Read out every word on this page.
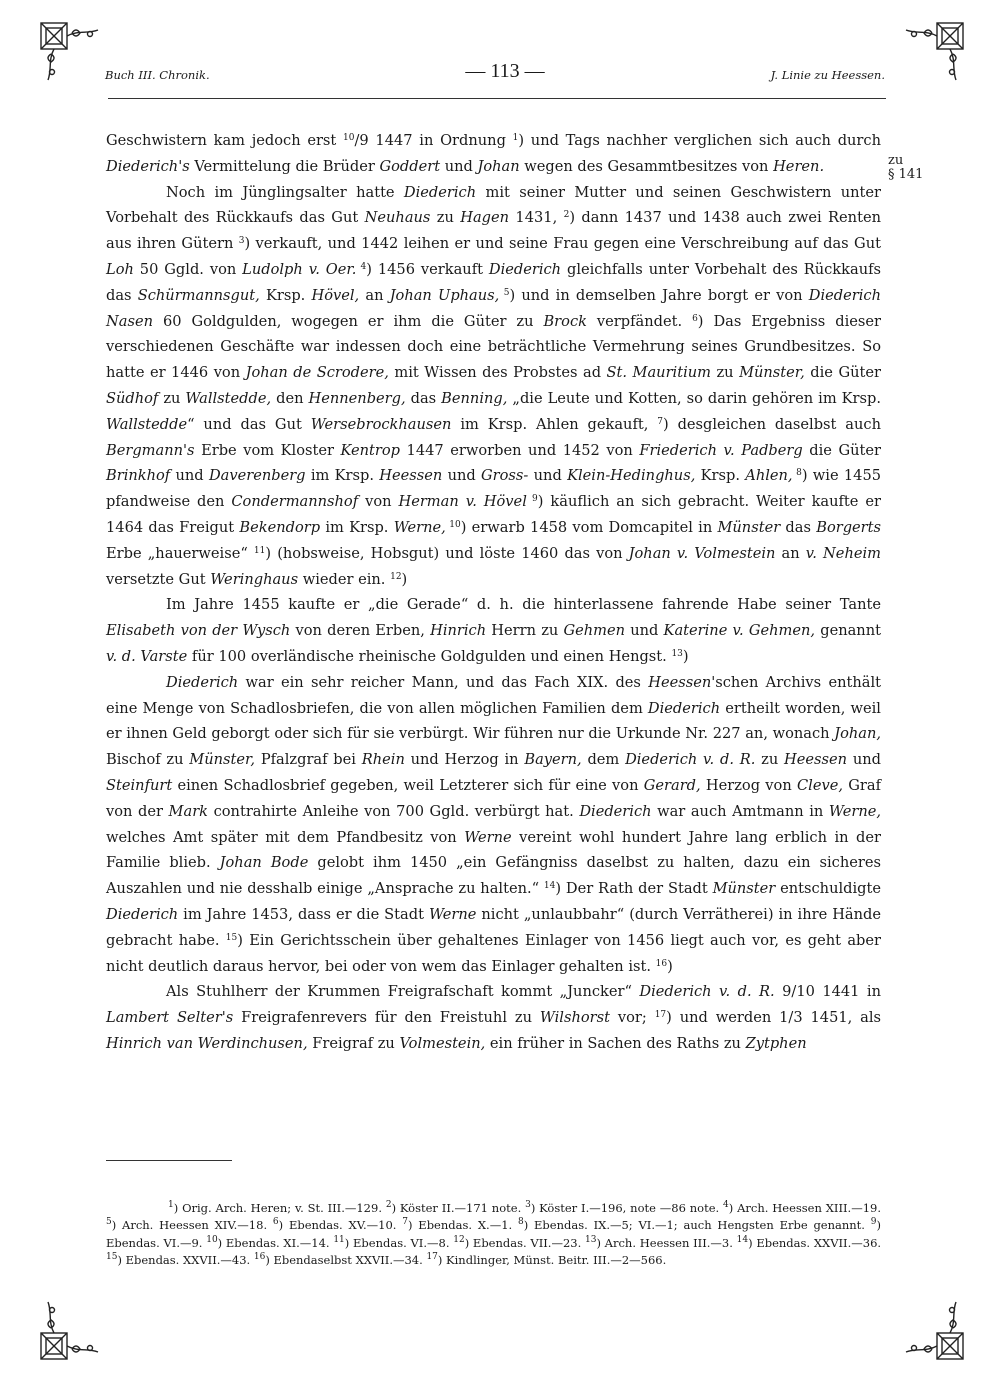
Buch III. Chronik.	— 113 —	J. Linie zu Heessen.
zu
§ 141

Geschwistern kam jedoch erst $^{10}$/9 1447 in Ordnung $^1$) und Tags nachher verglichen sich auch durch Diederich's Vermittelung die Brüder Goddert und Johan wegen des Gesammtbesitzes von Heren.

Noch im Jünglingsalter hatte Diederich mit seiner Mutter und seinen Geschwistern unter Vorbehalt des Rückkaufs das Gut Neuhaus zu Hagen 1431, $^2$) dann 1437 und 1438 auch zwei Renten aus ihren Gütern $^3$) verkauft, und 1442 leihen er und seine Frau gegen eine Verschreibung auf das Gut Loh 50 Ggld. von Ludolph v. Oer. $^4$) 1456 verkauft Diederich gleichfalls unter Vorbehalt des Rückkaufs das Schürmannsgut, Krsp. Hövel, an Johan Uphaus, $^5$) und in demselben Jahre borgt er von Diederich Nasen 60 Goldgulden, wogegen er ihm die Güter zu Brock verpfändet. $^6$) Das Ergebniss dieser verschiedenen Geschäfte war indessen doch eine beträchtliche Vermehrung seines Grundbesitzes. So hatte er 1446 von Johan de Scrodere, mit Wissen des Probstes ad St. Mauritium zu Münster, die Güter Südhof zu Wallstedde, den Hennenberg, das Benning, „die Leute und Kotten, so darin gehören im Krsp. Wallstedde“ und das Gut Wersebrockhausen im Krsp. Ahlen gekauft, $^7$) desgleichen daselbst auch Bergmann's Erbe vom Kloster Kentrop 1447 erworben und 1452 von Friederich v. Padberg die Güter Brinkhof und Daverenberg im Krsp. Heessen und Gross- und Klein-Hedinghus, Krsp. Ahlen, $^8$) wie 1455 pfandweise den Condermannshof von Herman v. Hövel $^9$) käuflich an sich gebracht. Weiter kaufte er 1464 das Freigut Bekendorp im Krsp. Werne, $^{10}$) erwarb 1458 vom Domcapitel in Münster das Borgerts Erbe „hauerweise“ $^{11}$) (hobsweise, Hobsgut) und löste 1460 das von Johan v. Volmestein an v. Neheim versetzte Gut Weringhaus wieder ein. $^{12}$)

Im Jahre 1455 kaufte er „die Gerade“ d. h. die hinterlassene fahrende Habe seiner Tante Elisabeth von der Wysch von deren Erben, Hinrich Herrn zu Gehmen und Katerine v. Gehmen, genannt v. d. Varste für 100 overländische rheinische Goldgulden und einen Hengst. $^{13}$)

Diederich war ein sehr reicher Mann, und das Fach XIX. des Heessen'schen Archivs enthält eine Menge von Schadlosbriefen, die von allen möglichen Familien dem Diederich ertheilt worden, weil er ihnen Geld geborgt oder sich für sie verbürgt. Wir führen nur die Urkunde Nr. 227 an, wonach Johan, Bischof zu Münster, Pfalzgraf bei Rhein und Herzog in Bayern, dem Diederich v. d. R. zu Heessen und Steinfurt einen Schadlosbrief gegeben, weil Letzterer sich für eine von Gerard, Herzog von Cleve, Graf von der Mark contrahirte Anleihe von 700 Ggld. verbürgt hat. Diederich war auch Amtmann in Werne, welches Amt später mit dem Pfandbesitz von Werne vereint wohl hundert Jahre lang erblich in der Familie blieb. Johan Bode gelobt ihm 1450 „ein Gefängniss daselbst zu halten, dazu ein sicheres Auszahlen und nie desshalb einige „Ansprache zu halten.“ $^{14}$) Der Rath der Stadt Münster entschuldigte Diederich im Jahre 1453, dass er die Stadt Werne nicht „unlaubbahr“ (durch Verrätherei) in ihre Hände gebracht habe. $^{15}$) Ein Gerichtsschein über gehaltenes Einlager von 1456 liegt auch vor, es geht aber nicht deutlich daraus hervor, bei oder von wem das Einlager gehalten ist. $^{16}$)

Als Stuhlherr der Krummen Freigrafschaft kommt „Juncker“ Diederich v. d. R. 9/10 1441 in Lambert Selter's Freigrafenrevers für den Freistuhl zu Wilshorst vor; $^{17}$) und werden 1/3 1451, als Hinrich van Werdinchusen, Freigraf zu Volmestein, ein früher in Sachen des Raths zu Zytphen

$^1$) Orig. Arch. Heren; v. St. III.—129. $^2$) Köster II.—171 note. $^3$) Köster I.—196, note —86 note. $^4$) Arch. Heessen XIII.—19. $^5$) Arch. Heessen XIV.—18. $^6$) Ebendas. XV.—10. $^7$) Ebendas. X.—1. $^8$) Ebendas. IX.—5; VI.—1; auch Hengsten Erbe genannt. $^9$) Ebendas. VI.—9. $^{10}$) Ebendas. XI.—14. $^{11}$) Ebendas. VI.—8. $^{12}$) Ebendas. VII.—23. $^{13}$) Arch. Heessen III.—3. $^{14}$) Ebendas. XXVII.—36. $^{15}$) Ebendas. XXVII.—43. $^{16}$) Ebendaselbst XXVII.—34. $^{17}$) Kindlinger, Münst. Beitr. III.—2—566.
